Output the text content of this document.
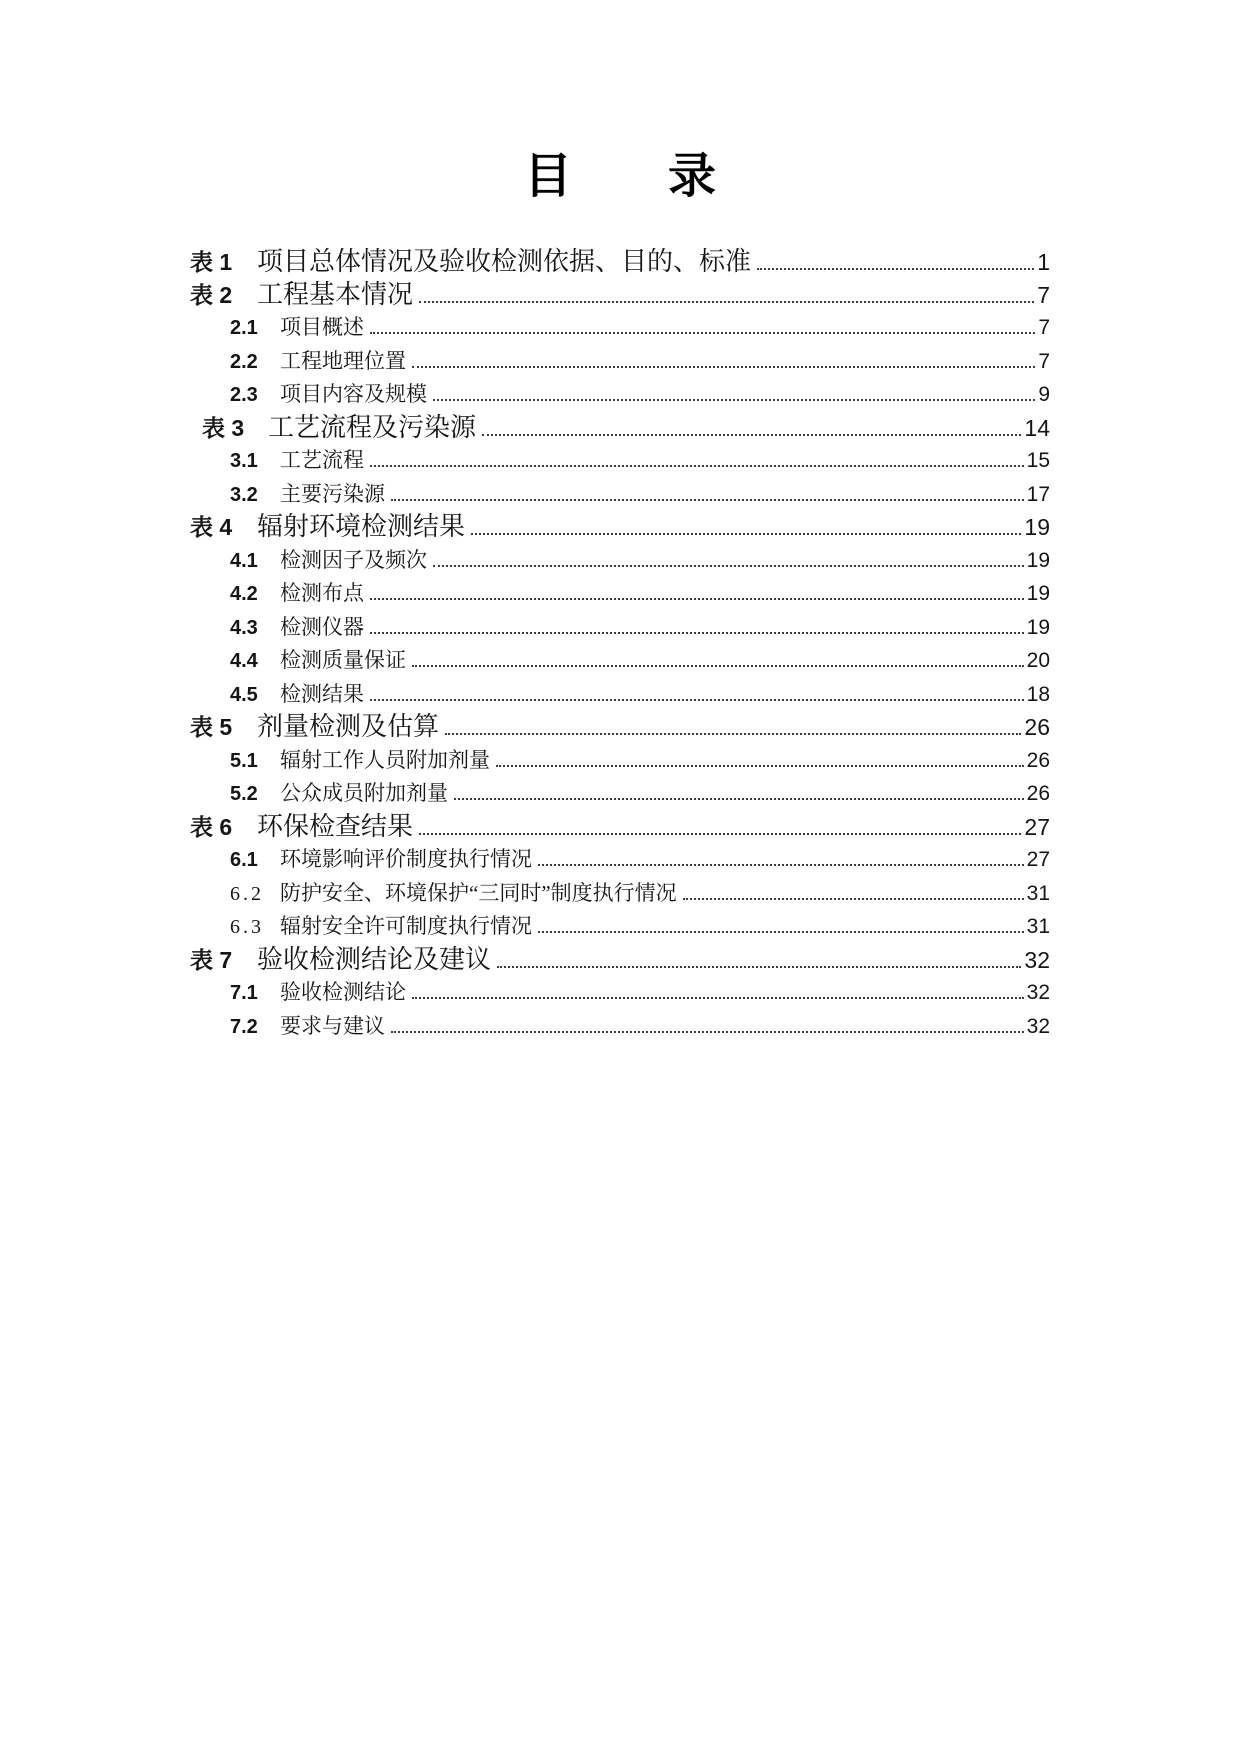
目　　录
表 1 项目总体情况及验收检测依据、目的、标准	1
表 2 工程基本情况	7
2.1	项目概述	7
2.2	工程地理位置	7
2.3	项目内容及规模	9
表 3 工艺流程及污染源	14
3.1	工艺流程	15
3.2	主要污染源	17
表 4 辐射环境检测结果	19
4.1	检测因子及频次	19
4.2	检测布点	19
4.3	检测仪器	19
4.4	检测质量保证	20
4.5	检测结果	18
表 5 剂量检测及估算	26
5.1	辐射工作人员附加剂量	26
5.2	公众成员附加剂量	26
表 6 环保检查结果	27
6.1	环境影响评价制度执行情况	27
6.2 防护安全、环境保护“三同时”制度执行情况	31
6.3 辐射安全许可制度执行情况	31
表 7 验收检测结论及建议	32
7.1	验收检测结论	32
7.2	要求与建议	32
